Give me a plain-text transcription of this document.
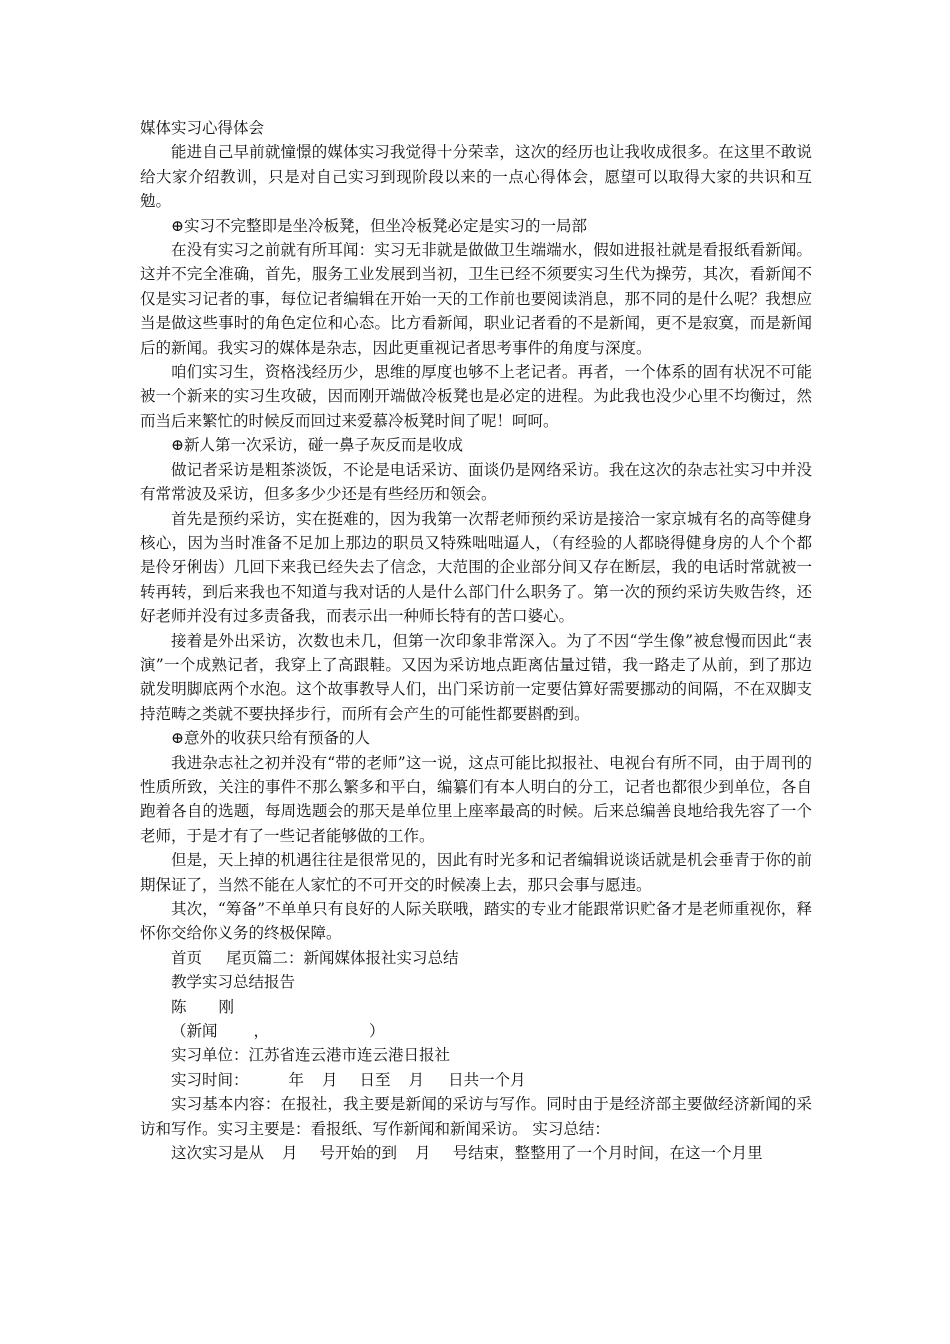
媒体实习心得体会

能进自己早前就憧憬的媒体实习我觉得十分荣幸，这次的经历也让我收成很多。在这里不敢说给大家介绍教训，只是对自己实习到现阶段以来的一点心得体会，愿望可以取得大家的共识和互勉。

⊕实习不完整即是坐冷板凳，但坐冷板凳必定是实习的一局部

在没有实习之前就有所耳闻：实习无非就是做做卫生端端水，假如进报社就是看报纸看新闻。这并不完全准确，首先，服务工业发展到当初，卫生已经不须要实习生代为操劳，其次，看新闻不仅是实习记者的事，每位记者编辑在开始一天的工作前也要阅读消息，那不同的是什么呢？我想应当是做这些事时的角色定位和心态。比方看新闻，职业记者看的不是新闻，更不是寂寞，而是新闻后的新闻。我实习的媒体是杂志，因此更重视记者思考事件的角度与深度。

咱们实习生，资格浅经历少，思维的厚度也够不上老记者。再者，一个体系的固有状况不可能被一个新来的实习生攻破，因而刚开端做冷板凳也是必定的进程。为此我也没少心里不均衡过，然而当后来繁忙的时候反而回过来爱慕冷板凳时间了呢！呵呵。

⊕新人第一次采访，碰一鼻子灰反而是收成

做记者采访是粗茶淡饭，不论是电话采访、面谈仍是网络采访。我在这次的杂志社实习中并没有常常波及采访，但多多少少还是有些经历和领会。

首先是预约采访，实在挺难的，因为我第一次帮老师预约采访是接洽一家京城有名的高等健身核心，因为当时准备不足加上那边的职员又特殊咄咄逼人，（有经验的人都晓得健身房的人个个都是伶牙俐齿）几回下来我已经失去了信念，大范围的企业部分间又存在断层，我的电话时常就被一转再转，到后来我也不知道与我对话的人是什么部门什么职务了。第一次的预约采访失败告终，还好老师并没有过多责备我，而表示出一种师长特有的苦口婆心。

接着是外出采访，次数也未几，但第一次印象非常深入。为了不因“学生像”被怠慢而因此“表演”一个成熟记者，我穿上了高跟鞋。又因为采访地点距离估量过错，我一路走了从前，到了那边就发明脚底两个水泡。这个故事教导人们，出门采访前一定要估算好需要挪动的间隔，不在双脚支持范畴之类就不要抉择步行，而所有会产生的可能性都要斟酌到。

⊕意外的收获只给有预备的人

我进杂志社之初并没有“带的老师”这一说，这点可能比拟报社、电视台有所不同，由于周刊的性质所致，关注的事件不那么繁多和平白，编纂们有本人明白的分工，记者也都很少到单位，各自跑着各自的选题，每周选题会的那天是单位里上座率最高的时候。后来总编善良地给我先容了一个老师，于是才有了一些记者能够做的工作。

但是，天上掉的机遇往往是很常见的，因此有时光多和记者编辑说谈话就是机会垂青于你的前期保证了，当然不能在人家忙的不可开交的时候凑上去，那只会事与愿违。

其次，“筹备”不单单只有良好的人际关联哦，踏实的专业才能跟常识贮备才是老师重视你，释怀你交给你义务的终极保障。

首页 尾页篇二：新闻媒体报社实习总结

教学实习总结报告

陈 刚

（新闻 ，	）

实习单位：江苏省连云港市连云港日报社

实习时间：	年 月 日至 月 日共一个月

实习基本内容：在报社，我主要是新闻的采访与写作。同时由于是经济部主要做经济新闻的采访和写作。实习主要是：看报纸、写作新闻和新闻采访。 实习总结：

这次实习是从 月 号开始的到 月 号结束，整整用了一个月时间，在这一个月里
